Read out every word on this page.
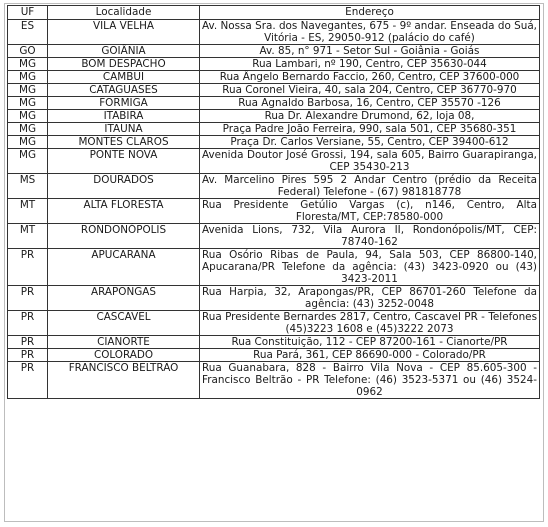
UF	Localidade	Endereço
ES	VILA VELHA	Av. Nossa Sra. dos Navegantes, 675 - 9º andar. Enseada do Suá, Vitória - ES, 29050-912 (palácio do café)
GO	GOIÂNIA	Av. 85, n° 971 - Setor Sul - Goiânia - Goiás
MG	BOM DESPACHO	Rua Lambari, nº 190, Centro, CEP 35630-044
MG	CAMBUI	Rua Ângelo Bernardo Faccio, 260, Centro, CEP 37600-000
MG	CATAGUASES	Rua Coronel Vieira, 40, sala 204, Centro, CEP 36770-970
MG	FORMIGA	Rua Agnaldo Barbosa, 16, Centro, CEP 35570 -126
MG	ITABIRA	Rua Dr. Alexandre Drumond, 62, loja 08,
MG	ITAUNA	Praça Padre João Ferreira, 990, sala 501, CEP 35680-351
MG	MONTES CLAROS	Praça Dr. Carlos Versiane, 55, Centro, CEP 39400-612
MG	PONTE NOVA	Avenida Doutor José Grossi, 194, sala 605, Bairro Guarapiranga, CEP 35430-213
MS	DOURADOS	Av. Marcelino Pires 595 2 Andar Centro (prédio da Receita Federal) Telefone - (67) 981818778
MT	ALTA FLORESTA	Rua Presidente Getúlio Vargas (c), n146, Centro, Alta Floresta/MT, CEP:78580-000
MT	RONDONÓPOLIS	Avenida Lions, 732, Vila Aurora II, Rondonópolis/MT, CEP: 78740-162
PR	APUCARANA	Rua Osório Ribas de Paula, 94, Sala 503, CEP 86800-140, Apucarana/PR Telefone da agência: (43) 3423-0920 ou (43) 3423-2011
PR	ARAPONGAS	Rua Harpia, 32, Arapongas/PR, CEP 86701-260 Telefone da agência: (43) 3252-0048
PR	CASCAVEL	Rua Presidente Bernardes 2817, Centro, Cascavel PR - Telefones (45)3223 1608 e (45)3222 2073
PR	CIANORTE	Rua Constituição, 112 - CEP 87200-161 - Cianorte/PR
PR	COLORADO	Rua Pará, 361, CEP 86690-000 - Colorado/PR
PR	FRANCISCO BELTRÃO	Rua Guanabara, 828 - Bairro Vila Nova - CEP 85.605-300 - Francisco Beltrão - PR Telefone: (46) 3523-5371 ou (46) 3524-0962
